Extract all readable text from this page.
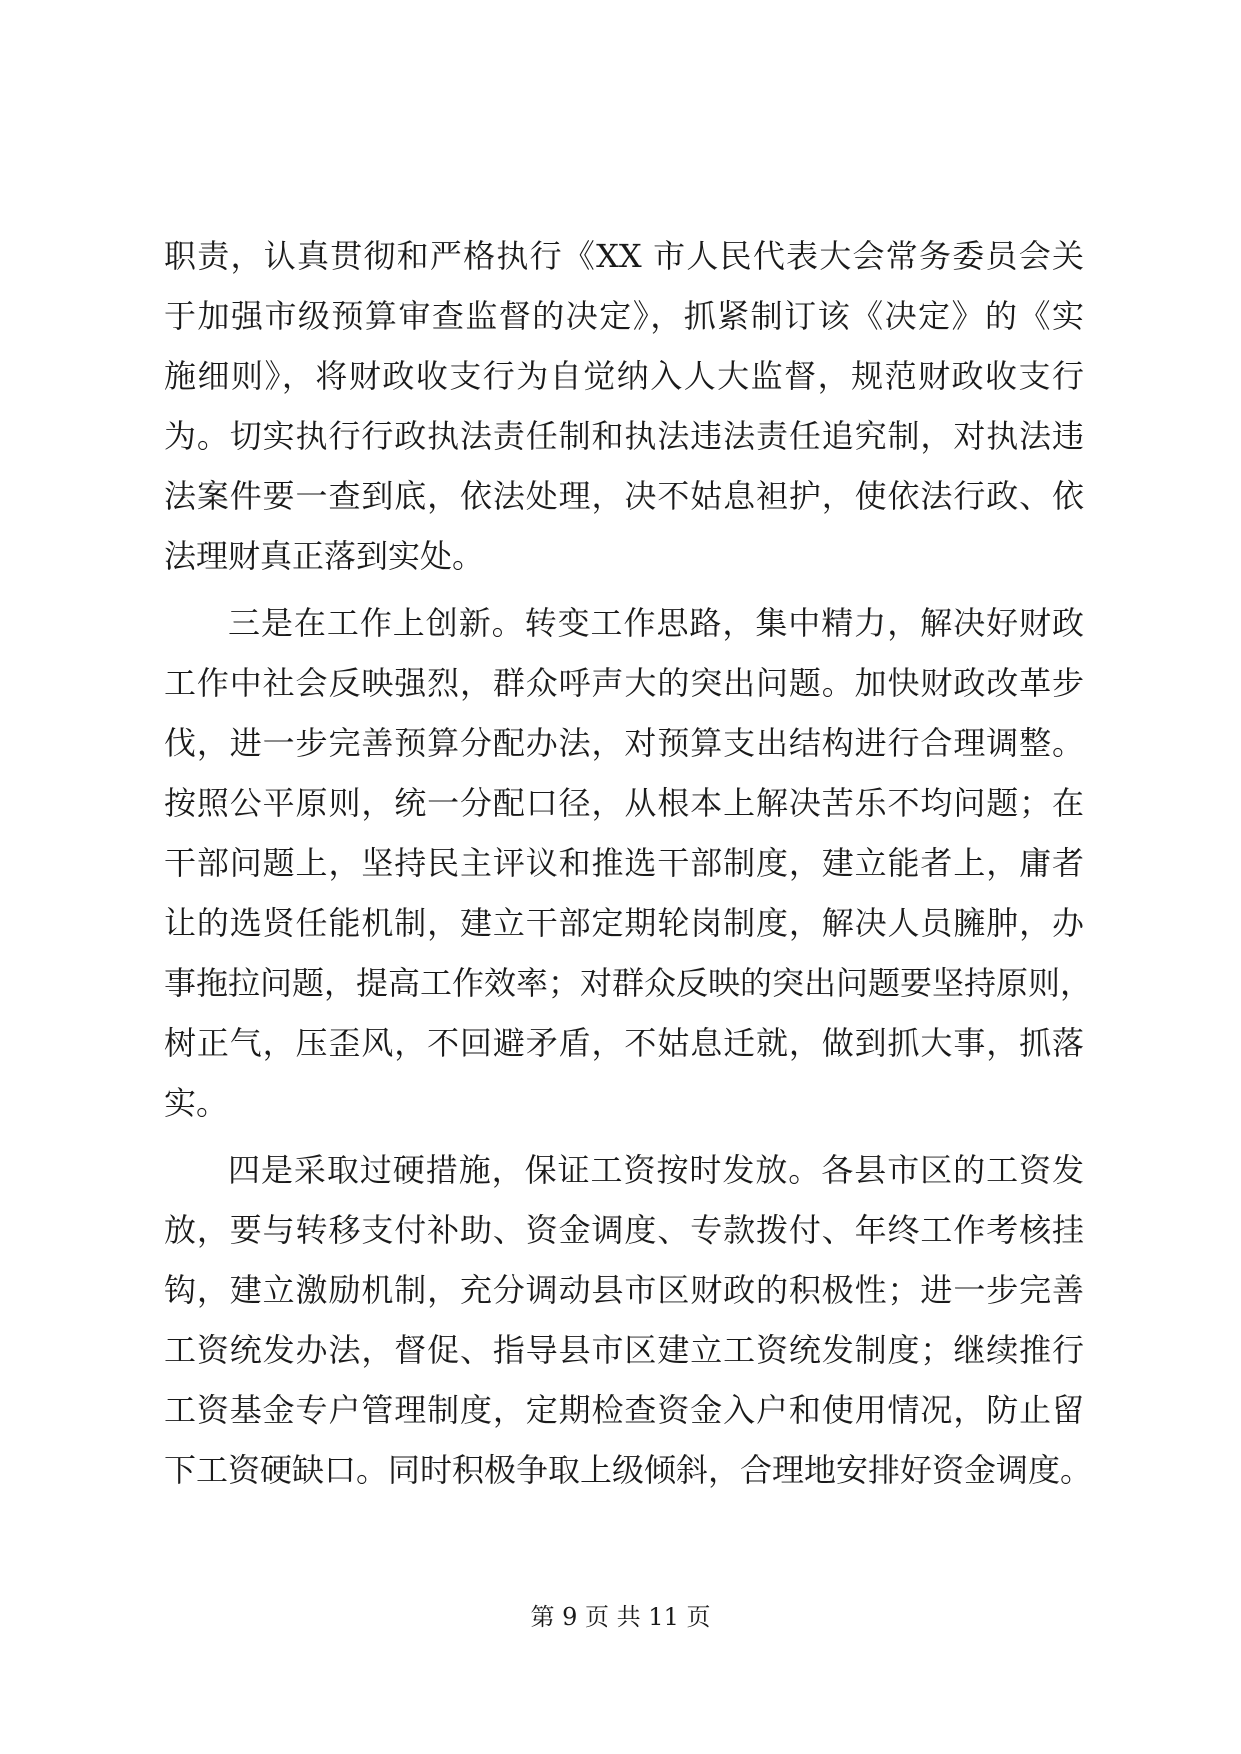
职责，认真贯彻和严格执行《XX 市人民代表大会常务委员会关
于加强市级预算审查监督的决定》，抓紧制订该《决定》的《实
施细则》，将财政收支行为自觉纳入人大监督，规范财政收支行
为。切实执行行政执法责任制和执法违法责任追究制，对执法违
法案件要一查到底，依法处理，决不姑息袒护，使依法行政、依
法理财真正落到实处。
三是在工作上创新。转变工作思路，集中精力，解决好财政
工作中社会反映强烈，群众呼声大的突出问题。加快财政改革步
伐，进一步完善预算分配办法，对预算支出结构进行合理调整。
按照公平原则，统一分配口径，从根本上解决苦乐不均问题；在
干部问题上，坚持民主评议和推选干部制度，建立能者上，庸者
让的选贤任能机制，建立干部定期轮岗制度，解决人员臃肿，办
事拖拉问题，提高工作效率；对群众反映的突出问题要坚持原则，
树正气，压歪风，不回避矛盾，不姑息迁就，做到抓大事，抓落
实。
四是采取过硬措施，保证工资按时发放。各县市区的工资发
放，要与转移支付补助、资金调度、专款拨付、年终工作考核挂
钩，建立激励机制，充分调动县市区财政的积极性；进一步完善
工资统发办法，督促、指导县市区建立工资统发制度；继续推行
工资基金专户管理制度，定期检查资金入户和使用情况，防止留
下工资硬缺口。同时积极争取上级倾斜，合理地安排好资金调度。
第 9 页 共 11 页
